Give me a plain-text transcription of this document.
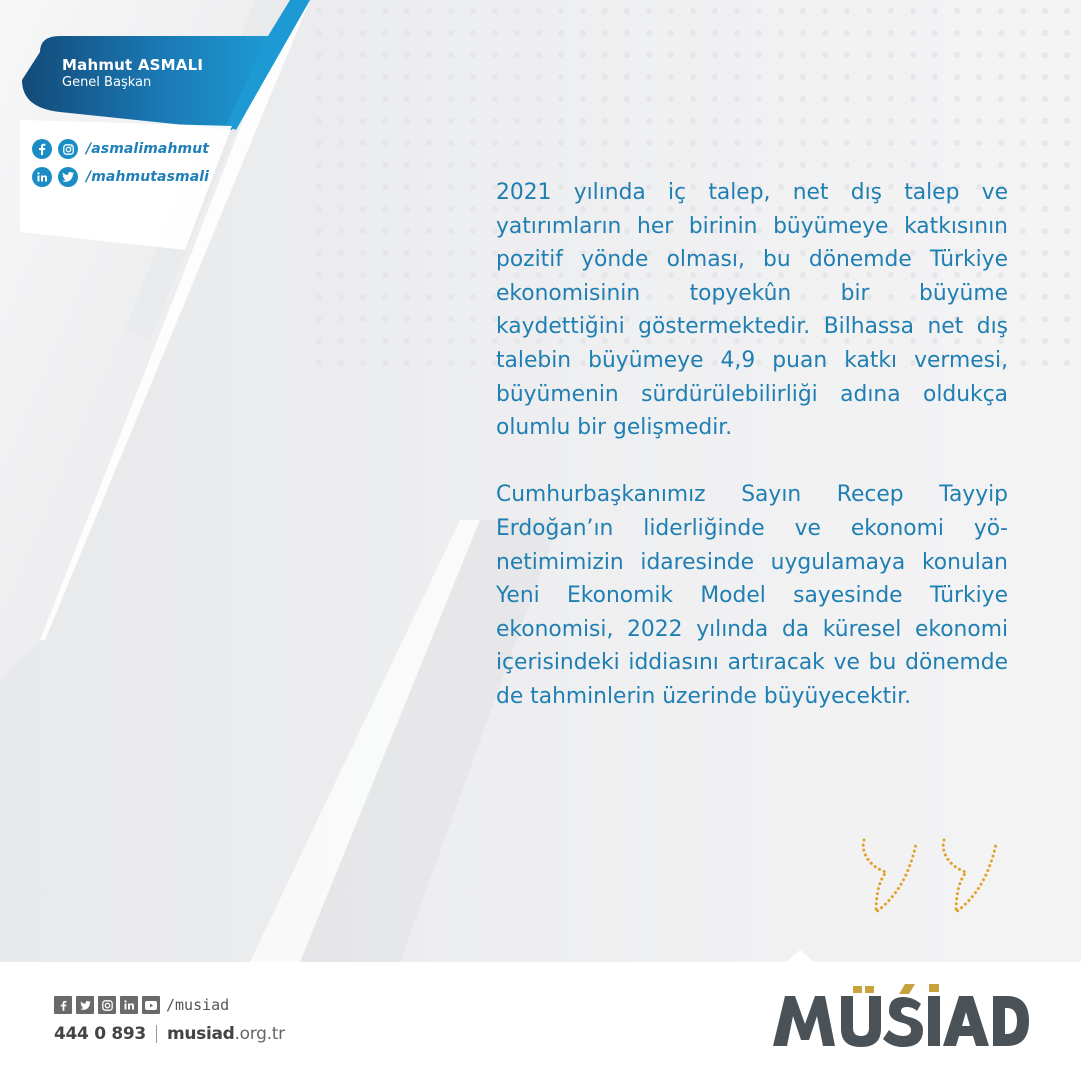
Mahmut ASMALI
Genel Başkan
/asmalimahmut
/mahmutasmali

2021 yılında iç talep, net dış talep ve yatırımların her birinin büyümeye katkısının pozitif yönde olması, bu dönemde Türkiye ekonomisinin topyekûn bir büyüme kaydettiğini göstermektedir. Bilhassa net dış talebin büyümeye 4,9 puan katkı vermesi, büyümenin sürdürülebilirliği adına oldukça olumlu bir gelişmedir.

Cumhurbaşkanımız Sayın Recep Tayyip Erdoğan’ın liderliğinde ve ekonomi yönetimimizin idaresinde uygulamaya konulan Yeni Ekonomik Model sayesinde Türkiye ekonomisi, 2022 yılında da küresel ekonomi içerisindeki iddiasını artıracak ve bu dönemde de tahminlerin üzerinde büyüyecektir.

/musiad
444 0 893 musiad .org.tr
